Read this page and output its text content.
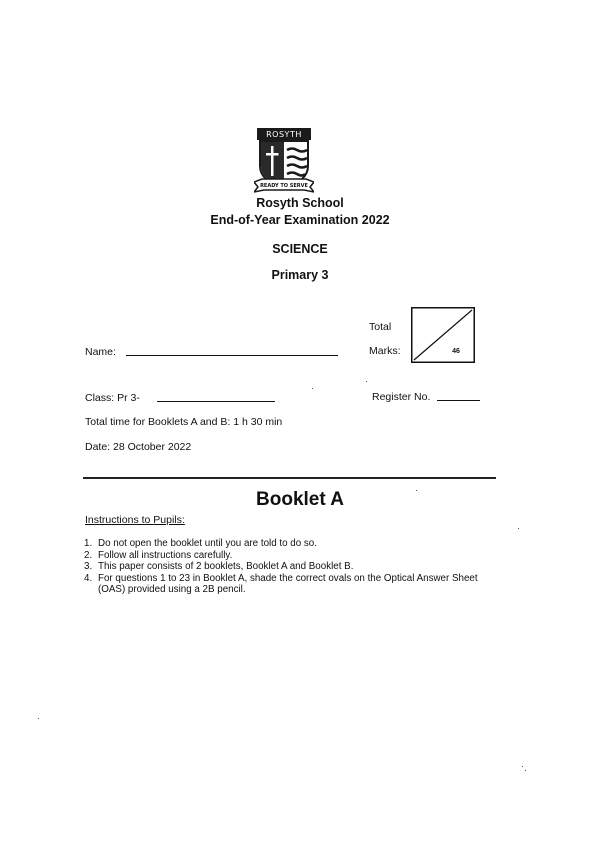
ROSYTH
READY TO SERVE
Rosyth School
End-of-Year Examination 2022
SCIENCE
Primary 3
Total
Marks:	46
Name:
Class: Pr 3-	Register No.
Total time for Booklets A and B: 1 h 30 min
Date: 28 October 2022
Booklet A
Instructions to Pupils:
1. Do not open the booklet until you are told to do so.
2. Follow all instructions carefully.
3. This paper consists of 2 booklets, Booklet A and Booklet B.
4. For questions 1 to 23 in Booklet A, shade the correct ovals on the Optical Answer Sheet (OAS) provided using a 2B pencil.
